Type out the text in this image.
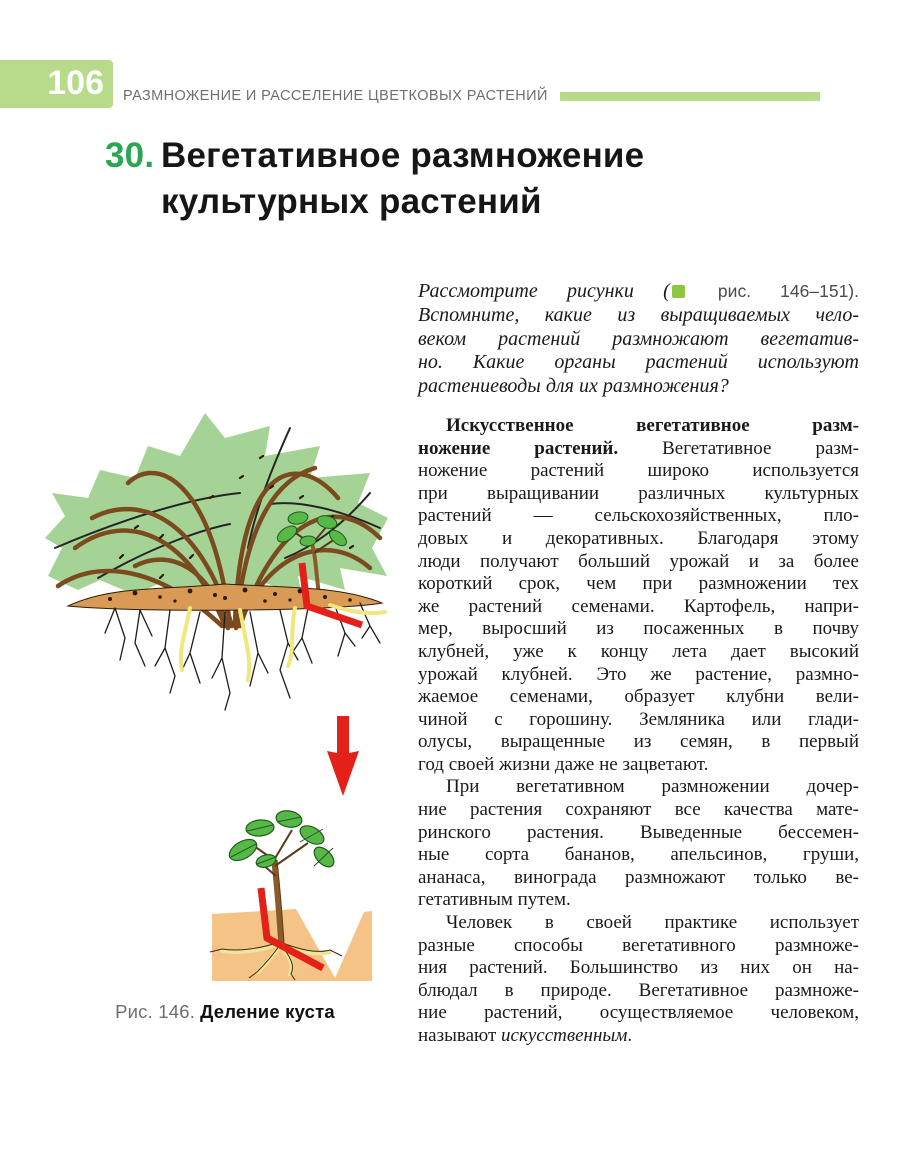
106	РАЗМНОЖЕНИЕ И РАССЕЛЕНИЕ ЦВЕТКОВЫХ РАСТЕНИЙ
30. Вегетативное размножение
культурных растений
Рис. 146. Деление куста
Рассмотрите рисунки ( рис. 146–151).
Вспомните, какие из выращиваемых чело-
веком растений размножают вегетатив-
но. Какие органы растений используют
растениеводы для их размножения?
Искусственное вегетативное разм-
ножение растений. Вегетативное разм-
ножение растений широко используется
при выращивании различных культурных
растений — сельскохозяйственных, пло-
довых и декоративных. Благодаря этому
люди получают больший урожай и за более
короткий срок, чем при размножении тех
же растений семенами. Картофель, напри-
мер, выросший из посаженных в почву
клубней, уже к концу лета дает высокий
урожай клубней. Это же растение, размно-
жаемое семенами, образует клубни вели-
чиной с горошину. Земляника или глади-
олусы, выращенные из семян, в первый
год своей жизни даже не зацветают.
При вегетативном размножении дочер-
ние растения сохраняют все качества мате-
ринского растения. Выведенные бессемен-
ные сорта бананов, апельсинов, груши,
ананаса, винограда размножают только ве-
гетативным путем.
Человек в своей практике использует
разные способы вегетативного размноже-
ния растений. Большинство из них он на-
блюдал в природе. Вегетативное размноже-
ние растений, осуществляемое человеком,
называют искусственным.
